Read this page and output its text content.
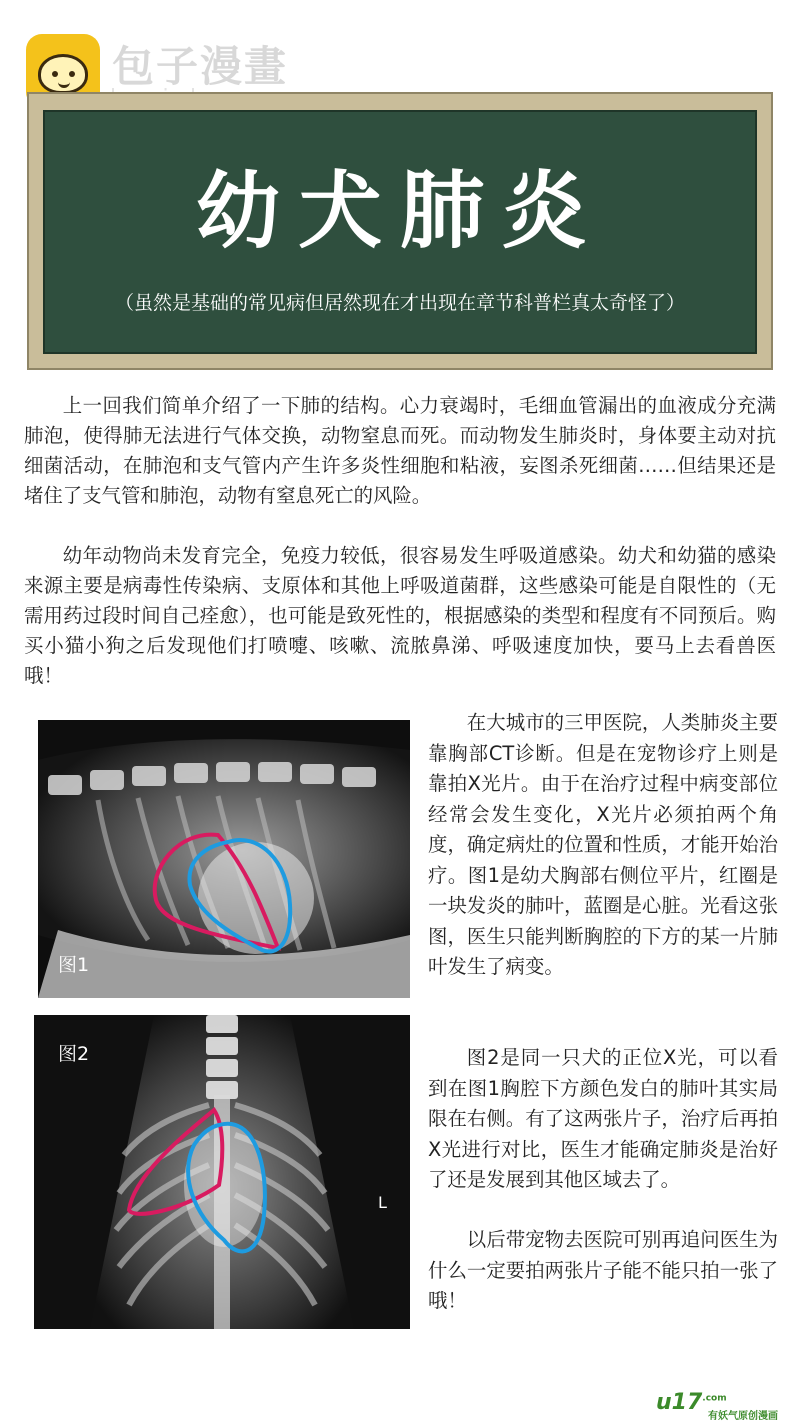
包子漫畫
幼犬肺炎
（虽然是基础的常见病但居然现在才出现在章节科普栏真太奇怪了）

上一回我们简单介绍了一下肺的结构。心力衰竭时，毛细血管漏出的血液成分充满肺泡，使得肺无法进行气体交换，动物窒息而死。而动物发生肺炎时，身体要主动对抗细菌活动，在肺泡和支气管内产生许多炎性细胞和粘液，妄图杀死细菌……但结果还是堵住了支气管和肺泡，动物有窒息死亡的风险。

幼年动物尚未发育完全，免疫力较低，很容易发生呼吸道感染。幼犬和幼猫的感染来源主要是病毒性传染病、支原体和其他上呼吸道菌群，这些感染可能是自限性的（无需用药过段时间自己痊愈），也可能是致死性的，根据感染的类型和程度有不同预后。购买小猫小狗之后发现他们打喷嚏、咳嗽、流脓鼻涕、呼吸速度加快，要马上去看兽医哦！

图1
图2
L

在大城市的三甲医院，人类肺炎主要靠胸部CT诊断。但是在宠物诊疗上则是靠拍X光片。由于在治疗过程中病变部位经常会发生变化，X光片必须拍两个角度，确定病灶的位置和性质，才能开始治疗。图1是幼犬胸部右侧位平片，红圈是一块发炎的肺叶，蓝圈是心脏。光看这张图，医生只能判断胸腔的下方的某一片肺叶发生了病变。

图2是同一只犬的正位X光，可以看到在图1胸腔下方颜色发白的肺叶其实局限在右侧。有了这两张片子，治疗后再拍X光进行对比，医生才能确定肺炎是治好了还是发展到其他区域去了。

以后带宠物去医院可别再追问医生为什么一定要拍两张片子能不能只拍一张了哦！

$u17^{.com}$
有妖气原创漫画
